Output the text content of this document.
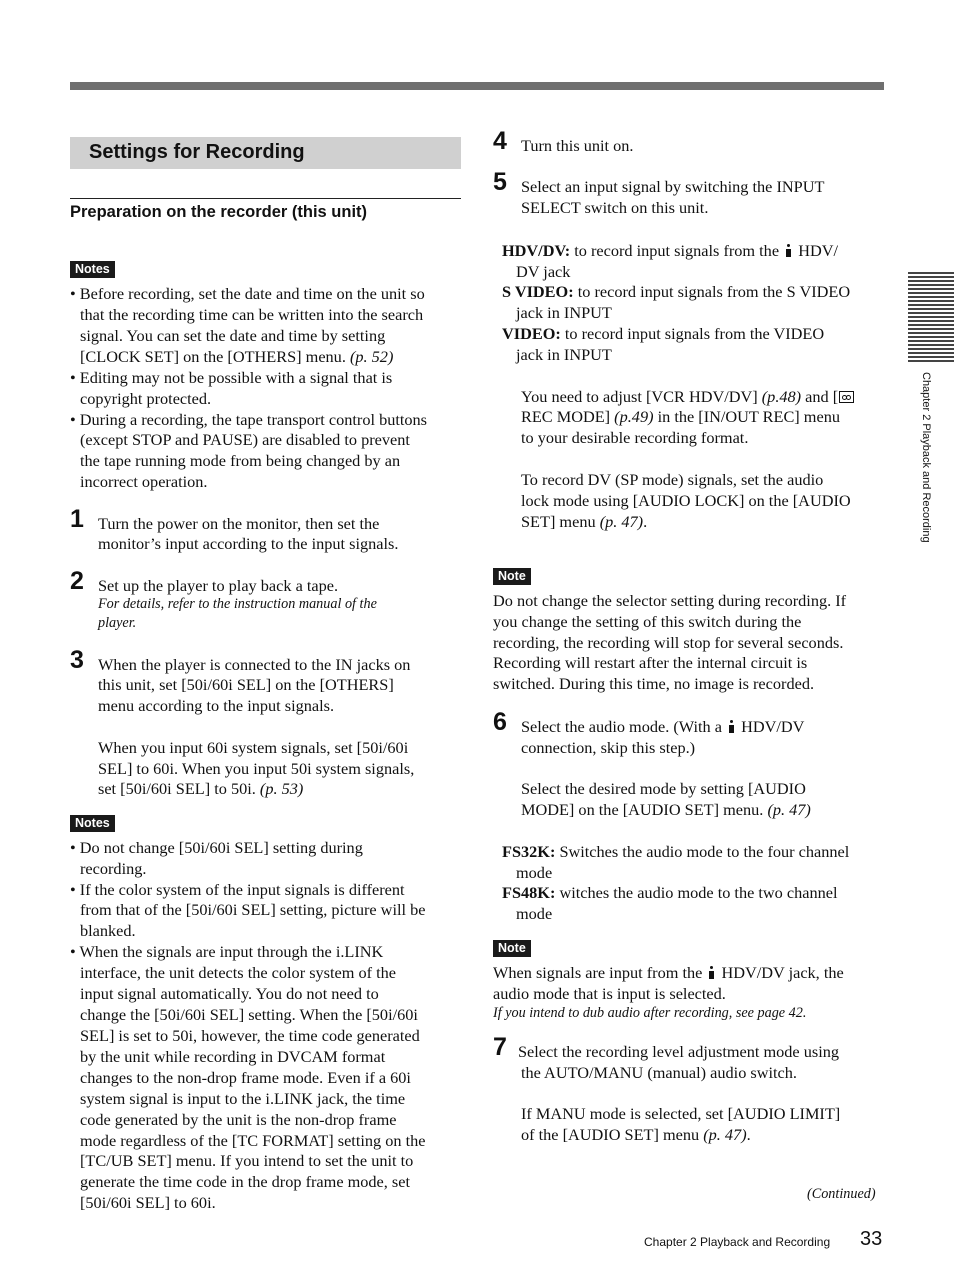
Settings for Recording
Preparation on the recorder (this unit)
Notes
• Before recording, set the date and time on the unit so
that the recording time can be written into the search
signal. You can set the date and time by setting
[CLOCK SET] on the [OTHERS] menu. (p. 52)
• Editing may not be possible with a signal that is
copyright protected.
• During a recording, the tape transport control buttons
(except STOP and PAUSE) are disabled to prevent
the tape running mode from being changed by an
incorrect operation.
1 Turn the power on the monitor, then set the
monitor’s input according to the input signals.
2 Set up the player to play back a tape.
For details, refer to the instruction manual of the
player.
3 When the player is connected to the IN jacks on
this unit, set [50i/60i SEL] on the [OTHERS]
menu according to the input signals.
When you input 60i system signals, set [50i/60i
SEL] to 60i. When you input 50i system signals,
set [50i/60i SEL] to 50i. (p. 53)
Notes
• Do not change [50i/60i SEL] setting during
recording.
• If the color system of the input signals is different
from that of the [50i/60i SEL] setting, picture will be
blanked.
• When the signals are input through the i.LINK
interface, the unit detects the color system of the
input signal automatically. You do not need to
change the [50i/60i SEL] setting. When the [50i/60i
SEL] is set to 50i, however, the time code generated
by the unit while recording in DVCAM format
changes to the non-drop frame mode. Even if a 60i
system signal is input to the i.LINK jack, the time
code generated by the unit is the non-drop frame
mode regardless of the [TC FORMAT] setting on the
[TC/UB SET] menu. If you intend to set the unit to
generate the time code in the drop frame mode, set
[50i/60i SEL] to 60i.
4 Turn this unit on.
5 Select an input signal by switching the INPUT
SELECT switch on this unit.
HDV/DV: to record input signals from the  HDV/
DV jack
S VIDEO: to record input signals from the S VIDEO
jack in INPUT
VIDEO: to record input signals from the VIDEO
jack in INPUT
You need to adjust [VCR HDV/DV] (p.48) and [
REC MODE] (p.49) in the [IN/OUT REC] menu
to your desirable recording format.
To record DV (SP mode) signals, set the audio
lock mode using [AUDIO LOCK] on the [AUDIO
SET] menu (p. 47).
Note
Do not change the selector setting during recording. If
you change the setting of this switch during the
recording, the recording will stop for several seconds.
Recording will restart after the internal circuit is
switched. During this time, no image is recorded.
6 Select the audio mode. (With a  HDV/DV
connection, skip this step.)
Select the desired mode by setting [AUDIO
MODE] on the [AUDIO SET] menu. (p. 47)
FS32K: Switches the audio mode to the four channel
mode
FS48K: witches the audio mode to the two channel
mode
Note
When signals are input from the  HDV/DV jack, the
audio mode that is input is selected.
If you intend to dub audio after recording, see page 42.
7 Select the recording level adjustment mode using
the AUTO/MANU (manual) audio switch.
If MANU mode is selected, set [AUDIO LIMIT]
of the [AUDIO SET] menu (p. 47).
(Continued)
Chapter 2 Playback and Recording
Chapter 2 Playback and Recording 33
